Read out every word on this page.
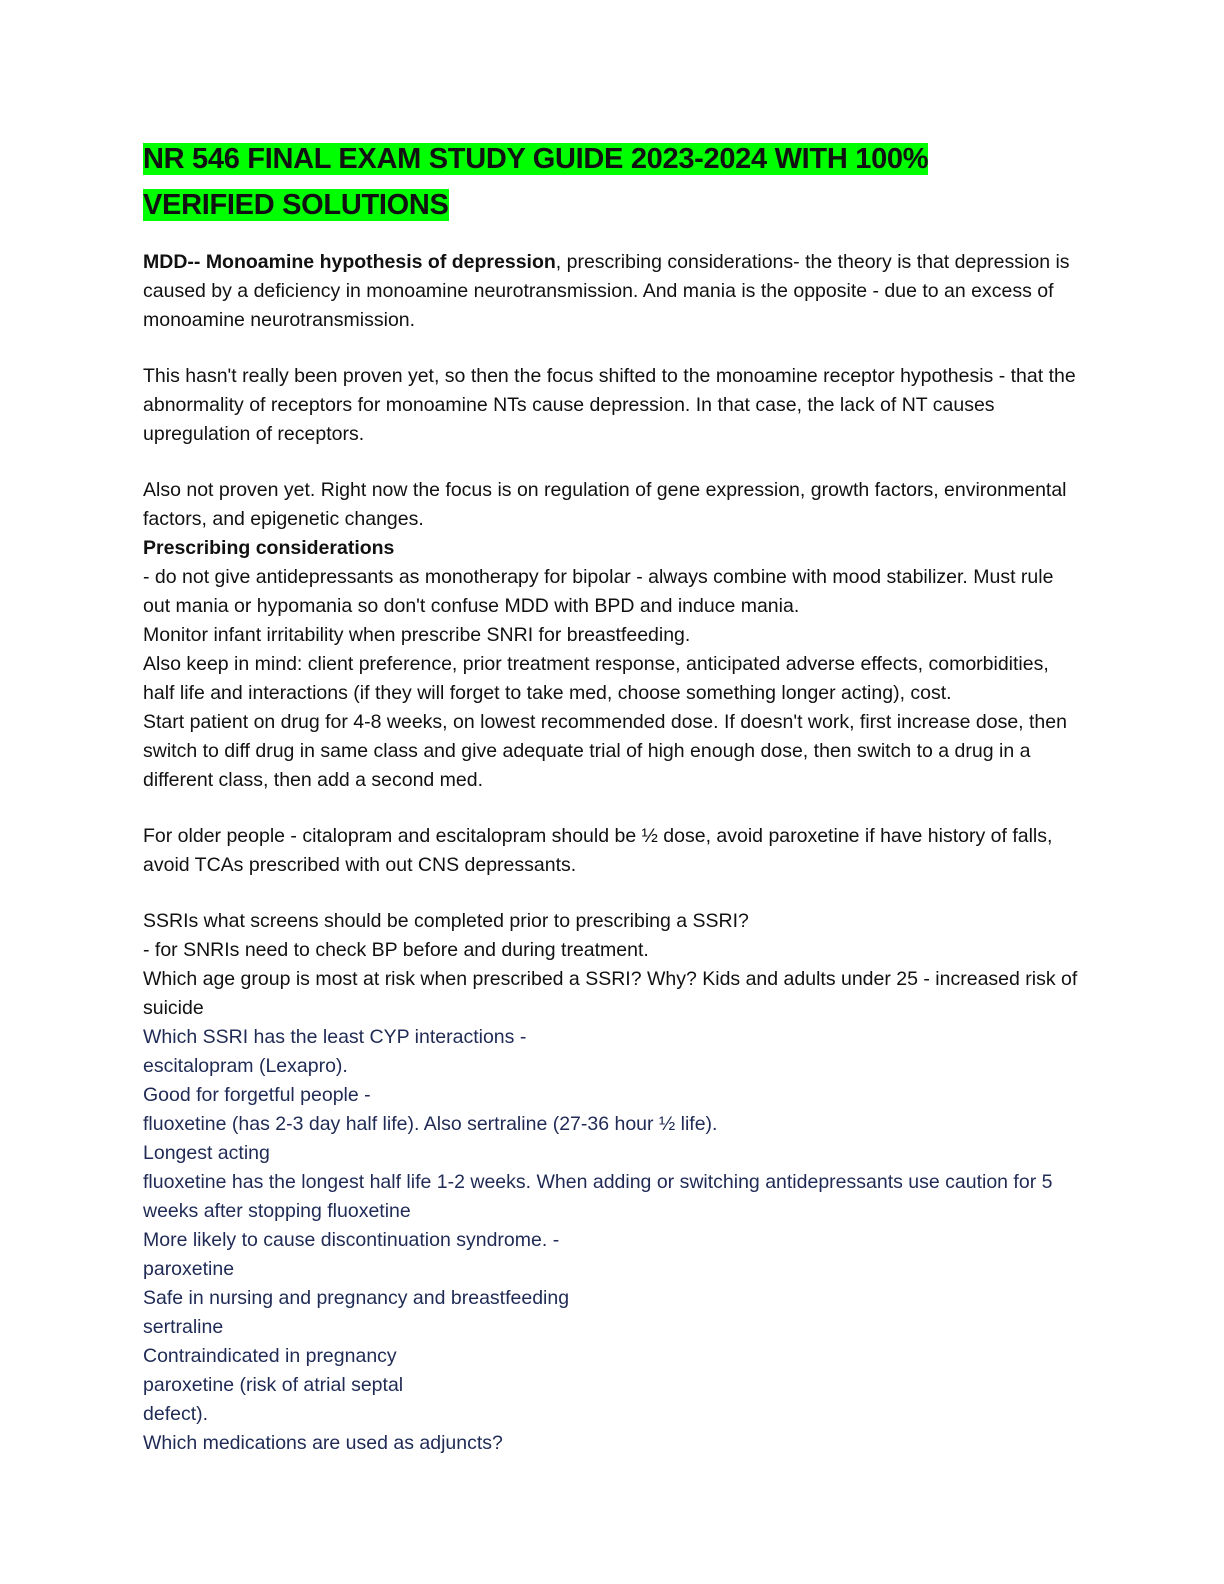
NR 546 FINAL EXAM STUDY GUIDE 2023-2024 WITH 100%
VERIFIED SOLUTIONS

MDD-- Monoamine hypothesis of depression, prescribing considerations- the theory is that depression is caused by a deficiency in monoamine neurotransmission. And mania is the opposite - due to an excess of monoamine neurotransmission.

This hasn't really been proven yet, so then the focus shifted to the monoamine receptor hypothesis - that the abnormality of receptors for monoamine NTs cause depression. In that case, the lack of NT causes upregulation of receptors.

Also not proven yet. Right now the focus is on regulation of gene expression, growth factors, environmental factors, and epigenetic changes.

Prescribing considerations

- do not give antidepressants as monotherapy for bipolar - always combine with mood stabilizer. Must rule out mania or hypomania so don't confuse MDD with BPD and induce mania.

Monitor infant irritability when prescribe SNRI for breastfeeding.

Also keep in mind: client preference, prior treatment response, anticipated adverse effects, comorbidities, half life and interactions (if they will forget to take med, choose something longer acting), cost.

Start patient on drug for 4-8 weeks, on lowest recommended dose. If doesn't work, first increase dose, then switch to diff drug in same class and give adequate trial of high enough dose, then switch to a drug in a different class, then add a second med.

For older people - citalopram and escitalopram should be ½ dose, avoid paroxetine if have history of falls, avoid TCAs prescribed with out CNS depressants.

SSRIs what screens should be completed prior to prescribing a SSRI?

- for SNRIs need to check BP before and during treatment.

Which age group is most at risk when prescribed a SSRI? Why? Kids and adults under 25 - increased risk of suicide

Which SSRI has the least CYP interactions -

escitalopram (Lexapro).

Good for forgetful people -

fluoxetine (has 2-3 day half life). Also sertraline (27-36 hour ½ life).

Longest acting

fluoxetine has the longest half life 1-2 weeks. When adding or switching antidepressants use caution for 5 weeks after stopping fluoxetine

More likely to cause discontinuation syndrome. -

paroxetine

Safe in nursing and pregnancy and breastfeeding

sertraline

Contraindicated in pregnancy

paroxetine (risk of atrial septal

defect).

Which medications are used as adjuncts?
